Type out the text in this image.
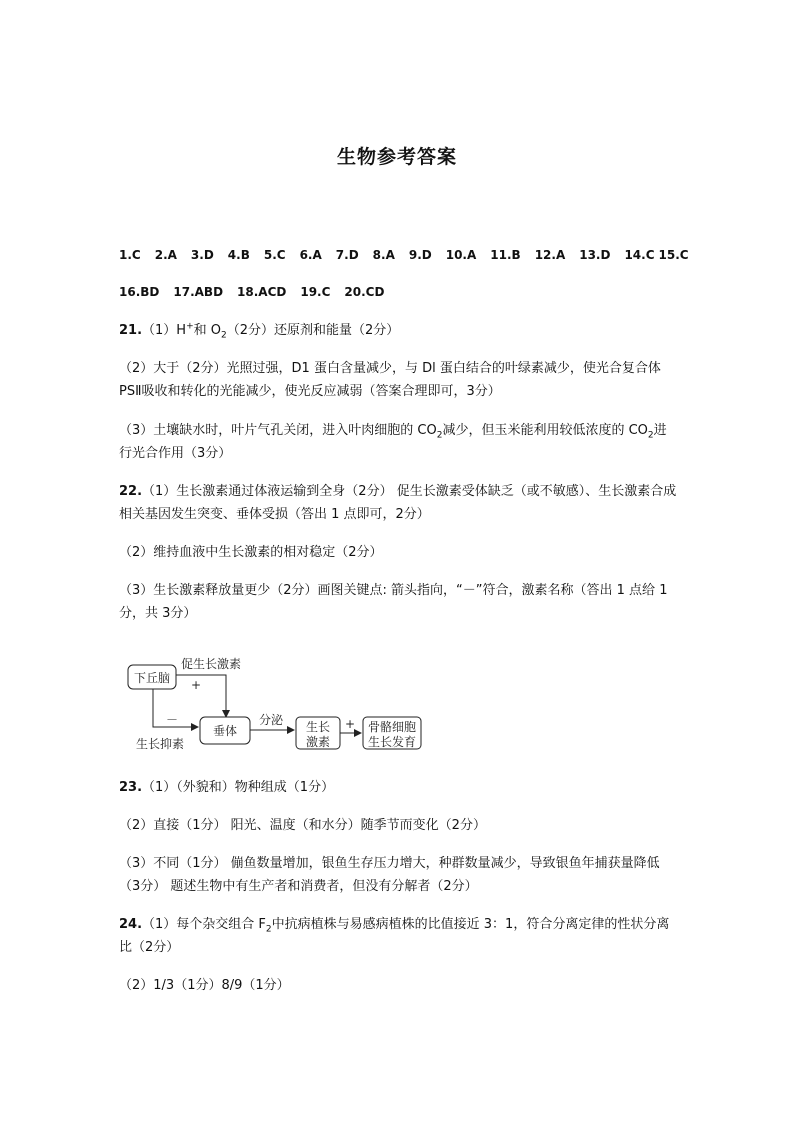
生物参考答案
1.C 2.A 3.D 4.B 5.C 6.A 7.D 8.A 9.D 10.A 11.B 12.A 13.D 14.C 15.C
16.BD 17.ABD 18.ACD 19.C 20.CD
21.（1）H+和 $O_2(2$分）还原剂和能量（2分）
（2）大于（2分）光照过强，D1 蛋白含量减少，与 Dl 蛋白结合的叶绿素减少，使光合复合体 PSⅡ吸收和转化的光能减少，使光反应减弱（答案合理即可，3分）
（3）土壤缺水时，叶片气孔关闭，进入叶肉细胞的 $CO_2$减少，但玉米能利用较低浓度的 $CO_2$进行光合作用（3分）
22.（1）生长激素通过体液运输到全身（2分） 促生长激素受体缺乏（或不敏感）、生长激素合成相关基因发生突变、垂体受损（答出 1 点即可，2分）
（2）维持血液中生长激素的相对稳定（2分）
（3）生长激素释放量更少（2分）画图关键点: 箭头指向，“－”符合，激素名称（答出 1 点给 1 分，共 3分）
下丘脑
促生长激素
+
－
生长抑素
垂体
分泌 生长
激素
+ 骨骼细胞
生长发育
23.（1）（外貌和）物种组成（1分）
（2）直接（1分） 阳光、温度（和水分）随季节而变化（2分）
（3）不同（1分） 傰鱼数量增加，银鱼生存压力增大，种群数量减少，导致银鱼年捕获量降低（3分） 题述生物中有生产者和消费者，但没有分解者（2分）
24.（1）每个杂交组合 $F_2$中抗病植株与易感病植株的比值接近 3：1，符合分离定律的性状分离比（2分）
（2）1/3（1分）8/9（1分）
